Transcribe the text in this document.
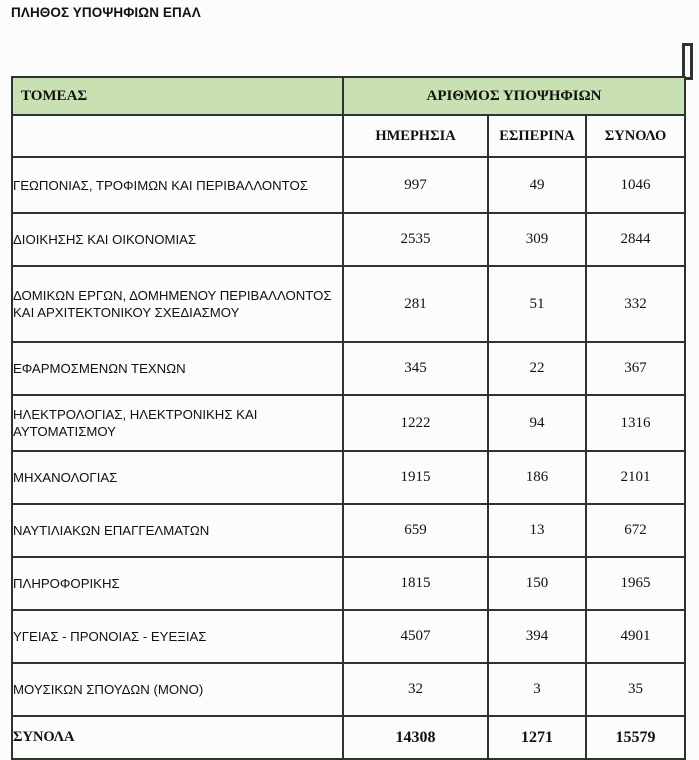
ΠΛΗΘΟΣ ΥΠΟΨΗΦΙΩΝ ΕΠΑΛ
ΤΟΜΕΑΣ	ΑΡΙΘΜΟΣ ΥΠΟΨΗΦΙΩΝ		
	ΗΜΕΡΗΣΙΑ	ΕΣΠΕΡΙΝΑ	ΣΥΝΟΛΟ
ΓΕΩΠΟΝΙΑΣ, ΤΡΟΦΙΜΩΝ ΚΑΙ ΠΕΡΙΒΑΛΛΟΝΤΟΣ	997	49	1046
ΔΙΟΙΚΗΣΗΣ ΚΑΙ ΟΙΚΟΝΟΜΙΑΣ	2535	309	2844
ΔΟΜΙΚΩΝ ΕΡΓΩΝ, ΔΟΜΗΜΕΝΟΥ ΠΕΡΙΒΑΛΛΟΝΤΟΣ ΚΑΙ ΑΡΧΙΤΕΚΤΟΝΙΚΟΥ ΣΧΕΔΙΑΣΜΟΥ	281	51	332
ΕΦΑΡΜΟΣΜΕΝΩΝ ΤΕΧΝΩΝ	345	22	367
ΗΛΕΚΤΡΟΛΟΓΙΑΣ, ΗΛΕΚΤΡΟΝΙΚΗΣ ΚΑΙ ΑΥΤΟΜΑΤΙΣΜΟΥ	1222	94	1316
ΜΗΧΑΝΟΛΟΓΙΑΣ	1915	186	2101
ΝΑΥΤΙΛΙΑΚΩΝ ΕΠΑΓΓΕΛΜΑΤΩΝ	659	13	672
ΠΛΗΡΟΦΟΡΙΚΗΣ	1815	150	1965
ΥΓΕΙΑΣ - ΠΡΟΝΟΙΑΣ - ΕΥΕΞΙΑΣ	4507	394	4901
ΜΟΥΣΙΚΩΝ ΣΠΟΥΔΩΝ (ΜΟΝΟ)	32	3	35
ΣΥΝΟΛΑ	14308	1271	15579
